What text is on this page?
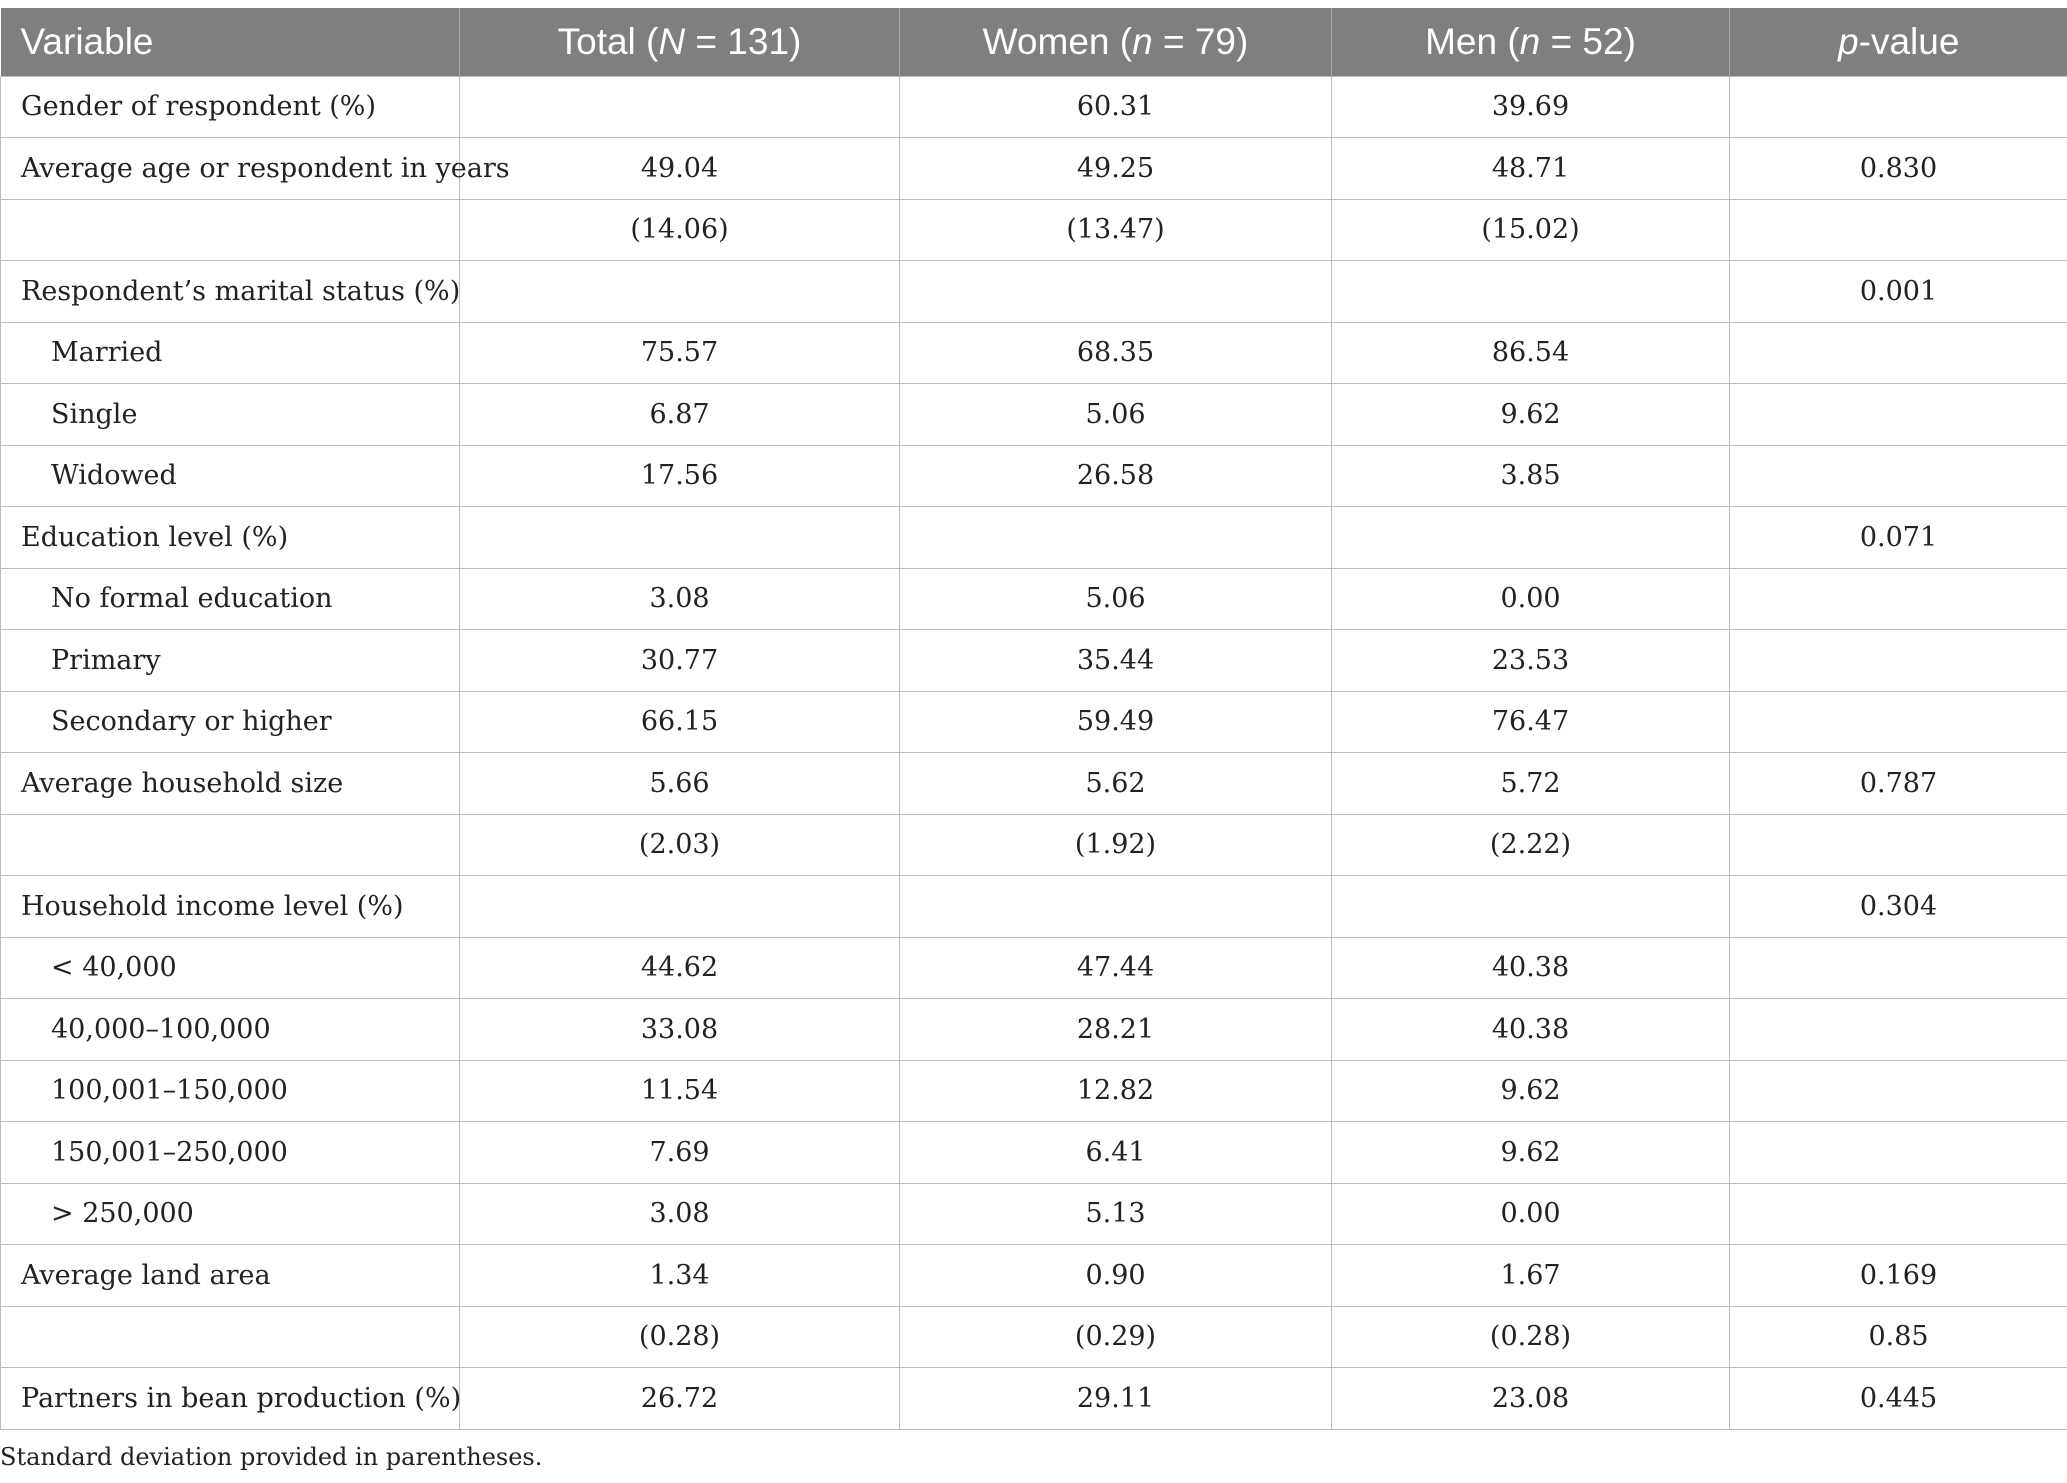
Variable	Total (N = 131)	Women (n = 79)	Men (n = 52)	p-value
Gender of respondent (%)		60.31	39.69	
Average age or respondent in years	49.04	49.25	48.71	0.830
	(14.06)	(13.47)	(15.02)	
Respondent’s marital status (%)				0.001
Married	75.57	68.35	86.54	
Single	6.87	5.06	9.62	
Widowed	17.56	26.58	3.85	
Education level (%)				0.071
No formal education	3.08	5.06	0.00	
Primary	30.77	35.44	23.53	
Secondary or higher	66.15	59.49	76.47	
Average household size	5.66	5.62	5.72	0.787
	(2.03)	(1.92)	(2.22)	
Household income level (%)				0.304
< 40,000	44.62	47.44	40.38	
40,000–100,000	33.08	28.21	40.38	
100,001–150,000	11.54	12.82	9.62	
150,001–250,000	7.69	6.41	9.62	
> 250,000	3.08	5.13	0.00	
Average land area	1.34	0.90	1.67	0.169
	(0.28)	(0.29)	(0.28)	0.85
Partners in bean production (%)	26.72	29.11	23.08	0.445
Standard deviation provided in parentheses.
